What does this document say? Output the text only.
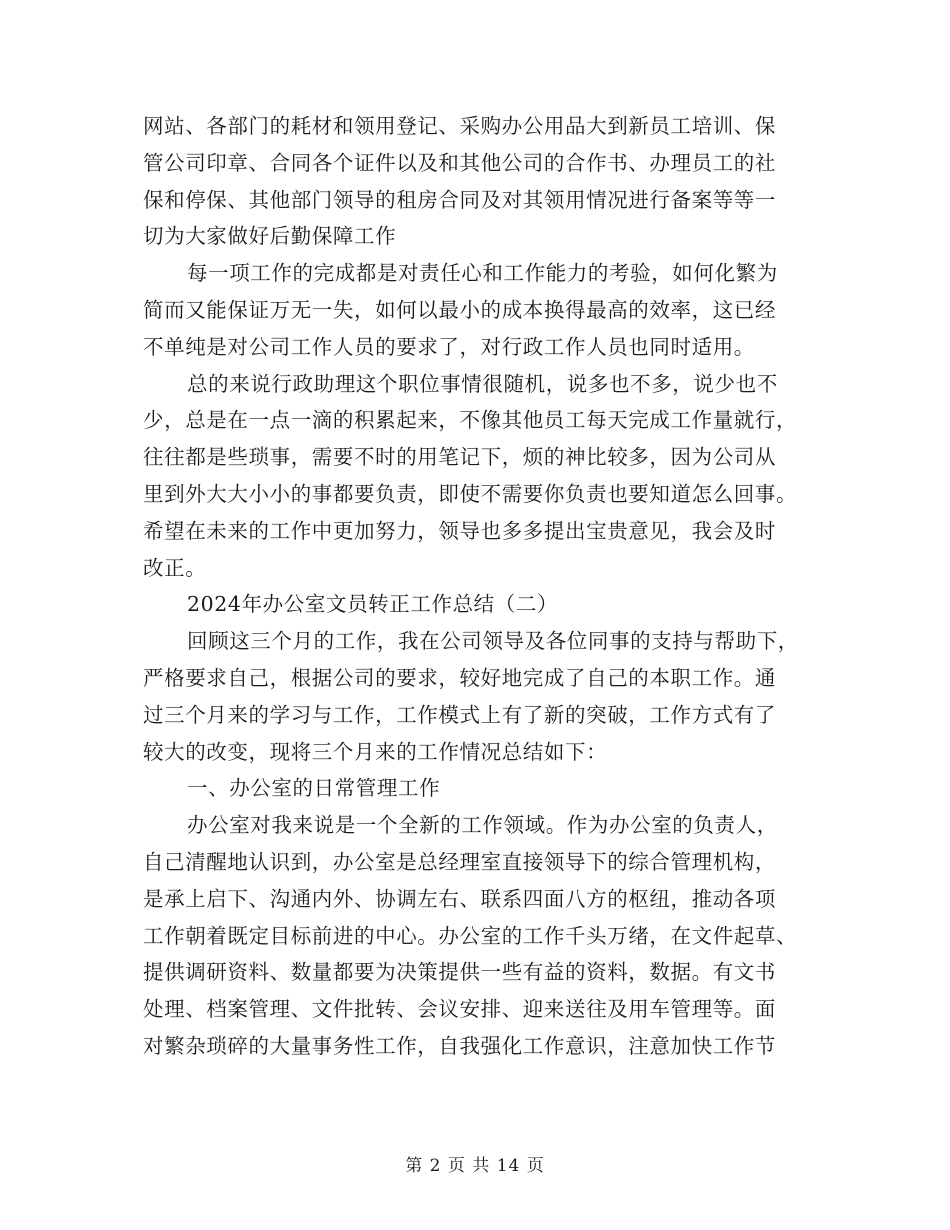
网站、各部门的耗材和领用登记、采购办公用品大到新员工培训、保
管公司印章、合同各个证件以及和其他公司的合作书、办理员工的社
保和停保、其他部门领导的租房合同及对其领用情况进行备案等等一
切为大家做好后勤保障工作
每一项工作的完成都是对责任心和工作能力的考验，如何化繁为
简而又能保证万无一失，如何以最小的成本换得最高的效率，这已经
不单纯是对公司工作人员的要求了，对行政工作人员也同时适用。
总的来说行政助理这个职位事情很随机，说多也不多，说少也不
少，总是在一点一滴的积累起来，不像其他员工每天完成工作量就行，
往往都是些琐事，需要不时的用笔记下，烦的神比较多，因为公司从
里到外大大小小的事都要负责，即使不需要你负责也要知道怎么回事。
希望在未来的工作中更加努力，领导也多多提出宝贵意见，我会及时
改正。
2024年办公室文员转正工作总结（二）
回顾这三个月的工作，我在公司领导及各位同事的支持与帮助下，
严格要求自己，根据公司的要求，较好地完成了自己的本职工作。通
过三个月来的学习与工作，工作模式上有了新的突破，工作方式有了
较大的改变，现将三个月来的工作情况总结如下：
一、办公室的日常管理工作
办公室对我来说是一个全新的工作领域。作为办公室的负责人，
自己清醒地认识到，办公室是总经理室直接领导下的综合管理机构，
是承上启下、沟通内外、协调左右、联系四面八方的枢纽，推动各项
工作朝着既定目标前进的中心。办公室的工作千头万绪，在文件起草、
提供调研资料、数量都要为决策提供一些有益的资料，数据。有文书
处理、档案管理、文件批转、会议安排、迎来送往及用车管理等。面
对繁杂琐碎的大量事务性工作，自我强化工作意识，注意加快工作节
第 2 页 共 14 页
